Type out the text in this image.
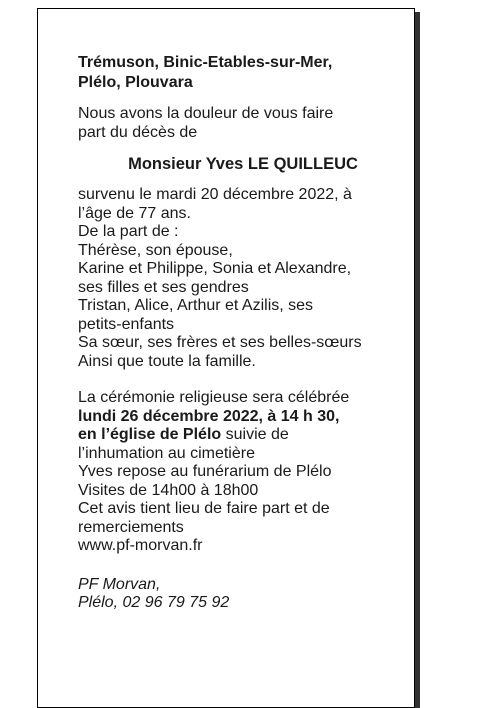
Trémuson, Binic-Etables-sur-Mer,
Plélo, Plouvara
Nous avons la douleur de vous faire
part du décès de
Monsieur Yves LE QUILLEUC
survenu le mardi 20 décembre 2022, à
l’âge de 77 ans.
De la part de :
Thérèse, son épouse,
Karine et Philippe, Sonia et Alexandre,
ses filles et ses gendres
Tristan, Alice, Arthur et Azilis, ses
petits-enfants
Sa sœur, ses frères et ses belles-sœurs
Ainsi que toute la famille.
La cérémonie religieuse sera célébrée
lundi 26 décembre 2022, à 14 h 30,
en l’église de Plélo suivie de
l’inhumation au cimetière
Yves repose au funérarium de Plélo
Visites de 14h00 à 18h00
Cet avis tient lieu de faire part et de
remerciements
www.pf-morvan.fr
PF Morvan,
Plélo, 02 96 79 75 92
